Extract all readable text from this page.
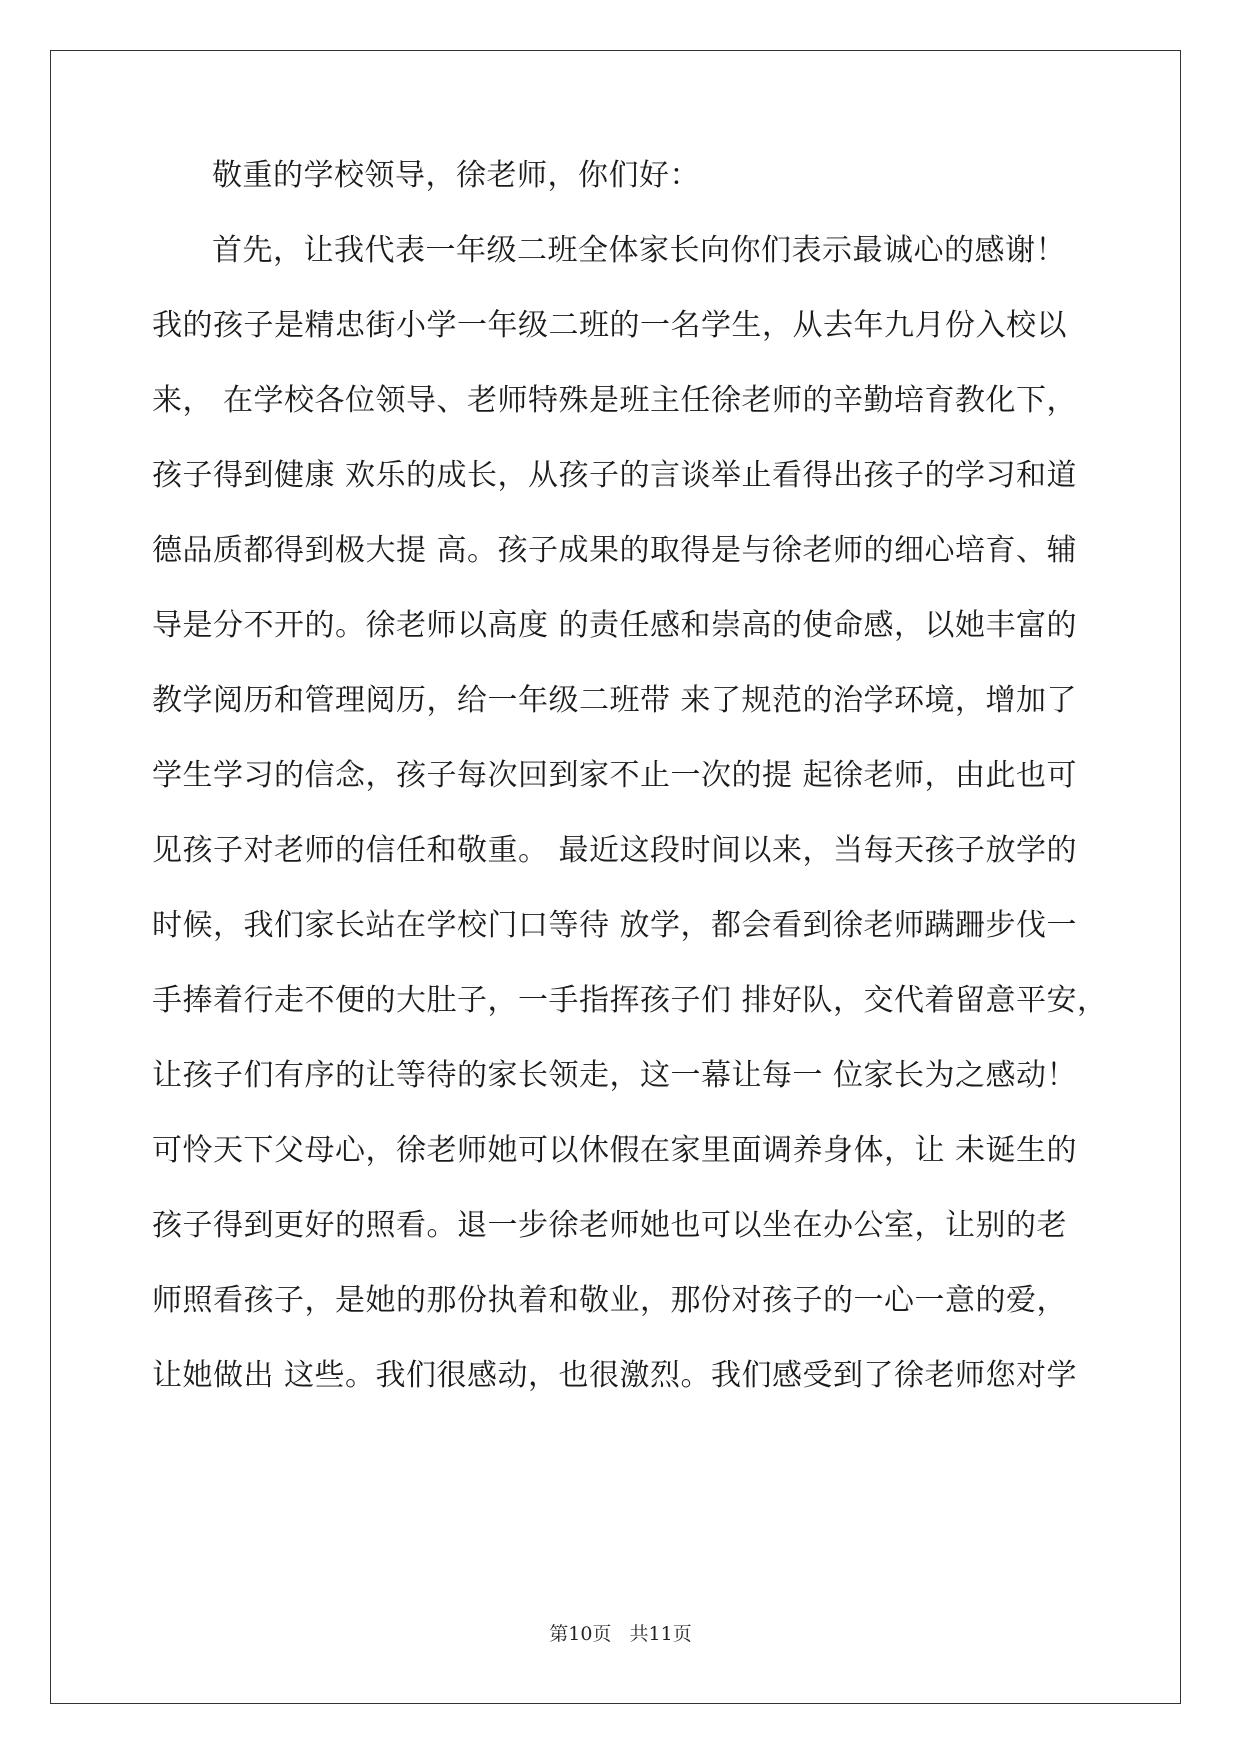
敬重的学校领导，徐老师，你们好：

首先，让我代表一年级二班全体家长向你们表示最诚心的感谢！

我的孩子是精忠街小学一年级二班的一名学生，从去年九月份入校以

来， 在学校各位领导、老师特殊是班主任徐老师的辛勤培育教化下，

孩子得到健康 欢乐的成长，从孩子的言谈举止看得出孩子的学习和道

德品质都得到极大提 高。孩子成果的取得是与徐老师的细心培育、辅

导是分不开的。徐老师以高度 的责任感和崇高的使命感，以她丰富的

教学阅历和管理阅历，给一年级二班带 来了规范的治学环境，增加了

学生学习的信念，孩子每次回到家不止一次的提 起徐老师，由此也可

见孩子对老师的信任和敬重。 最近这段时间以来，当每天孩子放学的

时候，我们家长站在学校门口等待 放学，都会看到徐老师蹒跚步伐一

手捧着行走不便的大肚子，一手指挥孩子们 排好队，交代着留意平安，

让孩子们有序的让等待的家长领走，这一幕让每一 位家长为之感动！

可怜天下父母心，徐老师她可以休假在家里面调养身体，让 未诞生的

孩子得到更好的照看。退一步徐老师她也可以坐在办公室，让别的老

师照看孩子，是她的那份执着和敬业，那份对孩子的一心一意的爱，

让她做出 这些。我们很感动，也很激烈。我们感受到了徐老师您对学

第10页   共11页
